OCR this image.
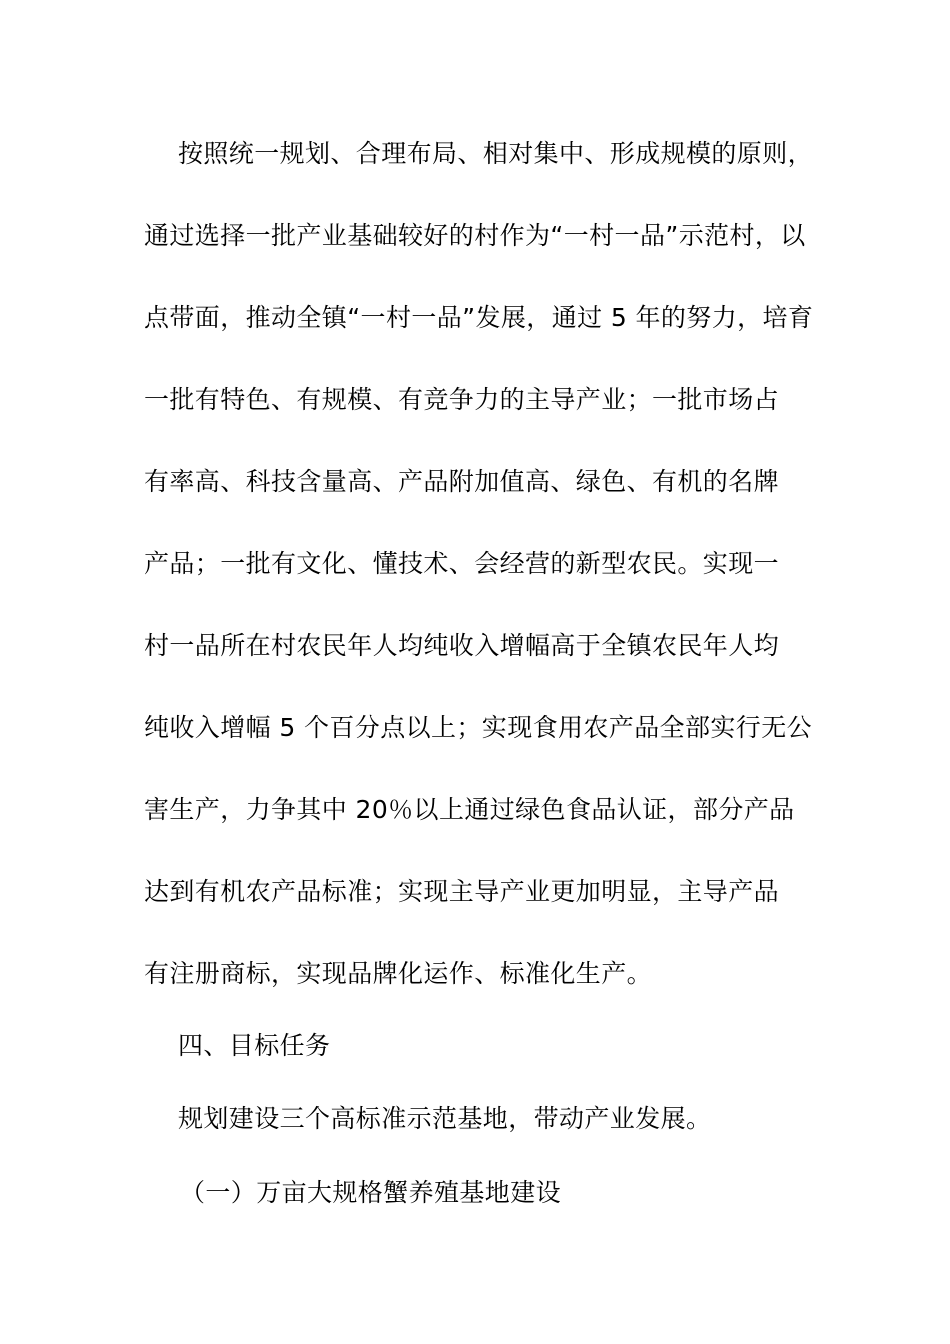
按照统一规划、合理布局、相对集中、形成规模的原则，

通过选择一批产业基础较好的村作为“一村一品”示范村，以

点带面，推动全镇“一村一品”发展，通过 5 年的努力，培育

一批有特色、有规模、有竞争力的主导产业；一批市场占

有率高、科技含量高、产品附加值高、绿色、有机的名牌

产品；一批有文化、懂技术、会经营的新型农民。实现一

村一品所在村农民年人均纯收入增幅高于全镇农民年人均

纯收入增幅 5 个百分点以上；实现食用农产品全部实行无公

害生产，力争其中 20％以上通过绿色食品认证，部分产品

达到有机农产品标准；实现主导产业更加明显，主导产品

有注册商标，实现品牌化运作、标准化生产。

四、目标任务

规划建设三个高标准示范基地，带动产业发展。

（一）万亩大规格蟹养殖基地建设
